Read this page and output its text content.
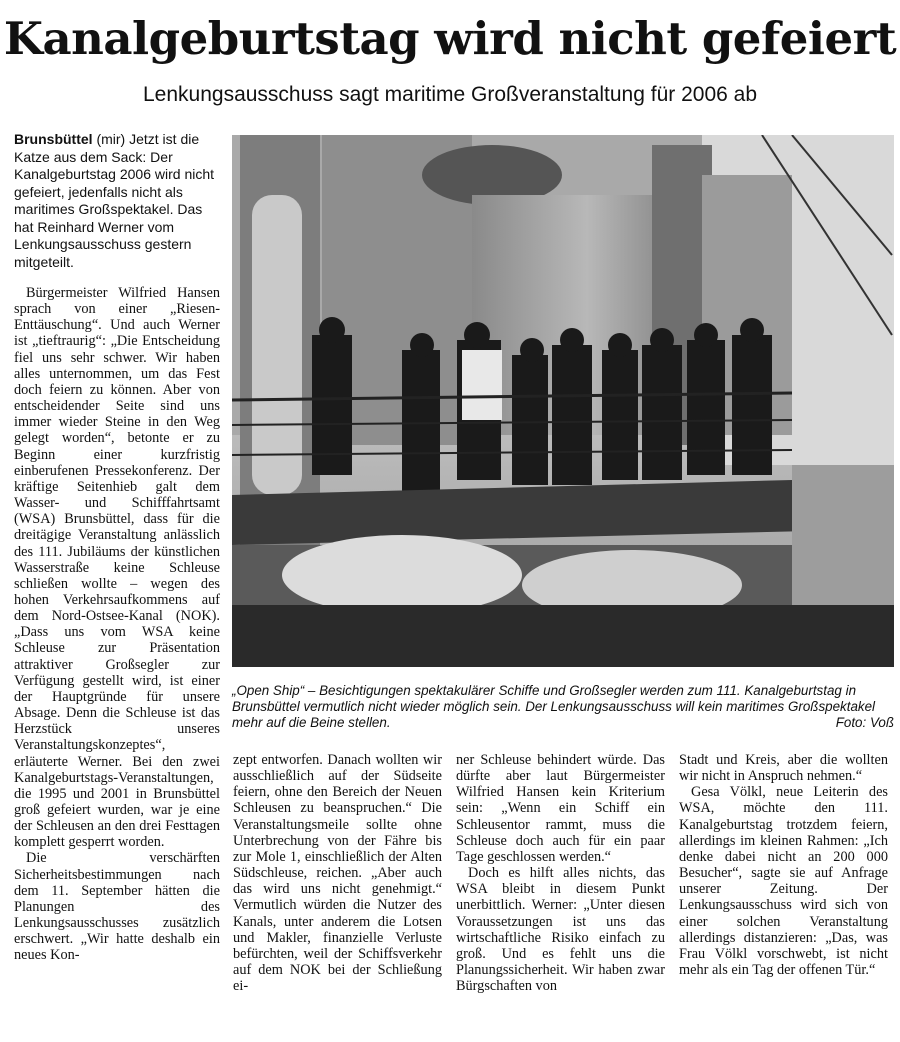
Kanalgeburtstag wird nicht gefeiert
Lenkungsausschuss sagt maritime Großveranstaltung für 2006 ab
Brunsbüttel (mir) Jetzt ist die Katze aus dem Sack: Der Kanalgeburtstag 2006 wird nicht gefeiert, jedenfalls nicht als maritimes Großspektakel. Das hat Reinhard Werner vom Lenkungsausschuss gestern mitgeteilt.

Bürgermeister Wilfried Hansen sprach von einer „Riesen-Enttäuschung“. Und auch Werner ist „tieftraurig“: „Die Entscheidung fiel uns sehr schwer. Wir haben alles unternommen, um das Fest doch feiern zu können. Aber von entscheidender Seite sind uns immer wieder Steine in den Weg gelegt worden“, betonte er zu Beginn einer kurzfristig einberufenen Pressekonferenz. Der kräftige Seitenhieb galt dem Wasser- und Schifffahrtsamt (WSA) Brunsbüttel, dass für die dreitägige Veranstaltung anlässlich des 111. Jubiläums der künstlichen Wasserstraße keine Schleuse schließen wollte – wegen des hohen Verkehrsaufkommens auf dem Nord-Ostsee-Kanal (NOK). „Dass uns vom WSA keine Schleuse zur Präsentation attraktiver Großsegler zur Verfügung gestellt wird, ist einer der Hauptgründe für unsere Absage. Denn die Schleuse ist das Herzstück unseres Veranstaltungskonzeptes“, erläuterte Werner. Bei den zwei Kanalgeburtstags-Veranstaltungen, die 1995 und 2001 in Brunsbüttel groß gefeiert wurden, war je eine der Schleusen an den drei Festtagen komplett gesperrt worden.

Die verschärften Sicherheitsbestimmungen nach dem 11. September hätten die Planungen des Lenkungsausschusses zusätzlich erschwert. „Wir hatte deshalb ein neues Kon-

„Open Ship“ – Besichtigungen spektakulärer Schiffe und Großsegler werden zum 111. Kanalgeburtstag in Brunsbüttel vermutlich nicht wieder möglich sein. Der Lenkungsausschuss will kein maritimes Großspektakel mehr auf die Beine stellen.	Foto: Voß

zept entworfen. Danach wollten wir ausschließlich auf der Südseite feiern, ohne den Bereich der Neuen Schleusen zu beanspruchen.“ Die Veranstaltungsmeile sollte ohne Unterbrechung von der Fähre bis zur Mole 1, einschließlich der Alten Südschleuse, reichen. „Aber auch das wird uns nicht genehmigt.“ Vermutlich würden die Nutzer des Kanals, unter anderem die Lotsen und Makler, finanzielle Verluste befürchten, weil der Schiffsverkehr auf dem NOK bei der Schließung ei-

ner Schleuse behindert würde. Das dürfte aber laut Bürgermeister Wilfried Hansen kein Kriterium sein: „Wenn ein Schiff ein Schleusentor rammt, muss die Schleuse doch auch für ein paar Tage geschlossen werden.“

Doch es hilft alles nichts, das WSA bleibt in diesem Punkt unerbittlich. Werner: „Unter diesen Voraussetzungen ist uns das wirtschaftliche Risiko einfach zu groß. Und es fehlt uns die Planungssicherheit. Wir haben zwar Bürgschaften von

Stadt und Kreis, aber die wollten wir nicht in Anspruch nehmen.“

Gesa Völkl, neue Leiterin des WSA, möchte den 111. Kanalgeburtstag trotzdem feiern, allerdings im kleinen Rahmen: „Ich denke dabei nicht an 200 000 Besucher“, sagte sie auf Anfrage unserer Zeitung. Der Lenkungsausschuss wird sich von einer solchen Veranstaltung allerdings distanzieren: „Das, was Frau Völkl vorschwebt, ist nicht mehr als ein Tag der offenen Tür.“
